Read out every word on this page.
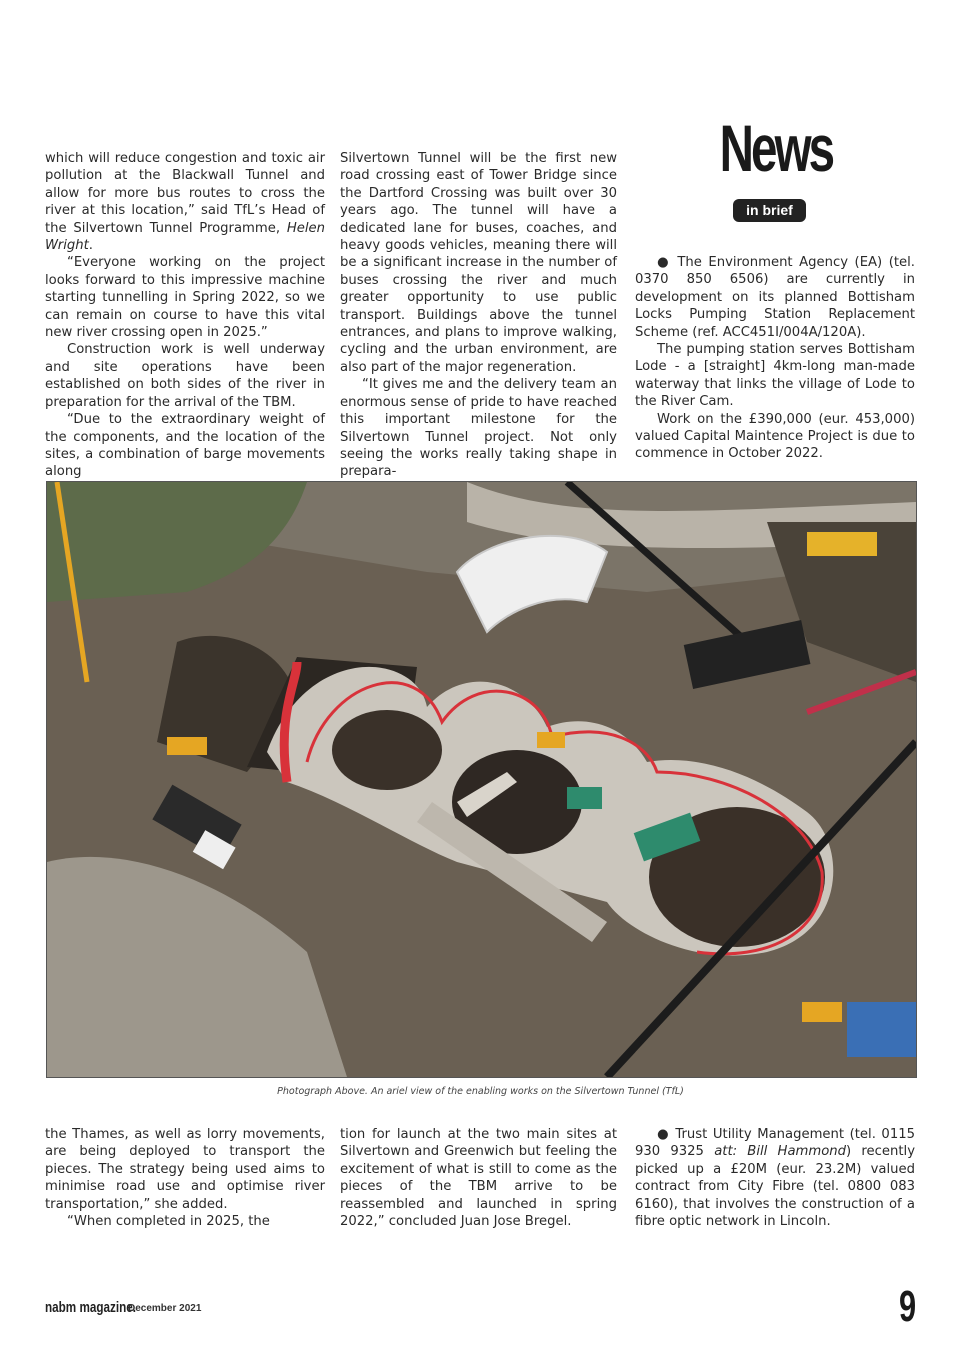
News
in brief

which will reduce congestion and toxic air pollution at the Blackwall Tunnel and allow for more bus routes to cross the river at this location,” said TfL’s Head of the Silvertown Tunnel Programme, Helen Wright.

“Everyone working on the project looks forward to this impressive machine starting tunnelling in Spring 2022, so we can remain on course to have this vital new river crossing open in 2025.”

Construction work is well underway and site operations have been established on both sides of the river in preparation for the arrival of the TBM.

“Due to the extraordinary weight of the components, and the location of the sites, a combination of barge movements along

Silvertown Tunnel will be the first new road crossing east of Tower Bridge since the Dartford Crossing was built over 30 years ago. The tunnel will have a dedicated lane for buses, coaches, and heavy goods vehicles, meaning there will be a significant increase in the number of buses crossing the river and much greater opportunity to use public transport. Buildings above the tunnel entrances, and plans to improve walking, cycling and the urban environment, are also part of the major regeneration.

“It gives me and the delivery team an enormous sense of pride to have reached this important milestone for the Silvertown Tunnel project. Not only seeing the works really taking shape in prepara-

● The Environment Agency (EA) (tel. 0370 850 6506) are currently in development on its planned Bottisham Locks Pumping Station Replacement Scheme (ref. ACC451I/004A/120A).

The pumping station serves Bottisham Lode - a [straight] 4km-long man-made waterway that links the village of Lode to the River Cam.

Work on the £390,000 (eur. 453,000) valued Capital Maintence Project is due to commence in October 2022.

Photograph Above. An ariel view of the enabling works on the Silvertown Tunnel (TfL)

the Thames, as well as lorry movements, are being deployed to transport the pieces. The strategy being used aims to minimise road use and optimise river transportation,” she added.

“When completed in 2025, the

tion for launch at the two main sites at Silvertown and Greenwich but feeling the excitement of what is still to come as the pieces of the TBM arrive to be reassembled and launched in spring 2022,” concluded Juan Jose Bregel.

● Trust Utility Management (tel. 0115 930 9325 att: Bill Hammond) recently picked up a £20M (eur. 23.2M) valued contract from City Fibre (tel. 0800 083 6160), that involves the construction of a fibre optic network in Lincoln.

nabm magazine.
December 2021	9
